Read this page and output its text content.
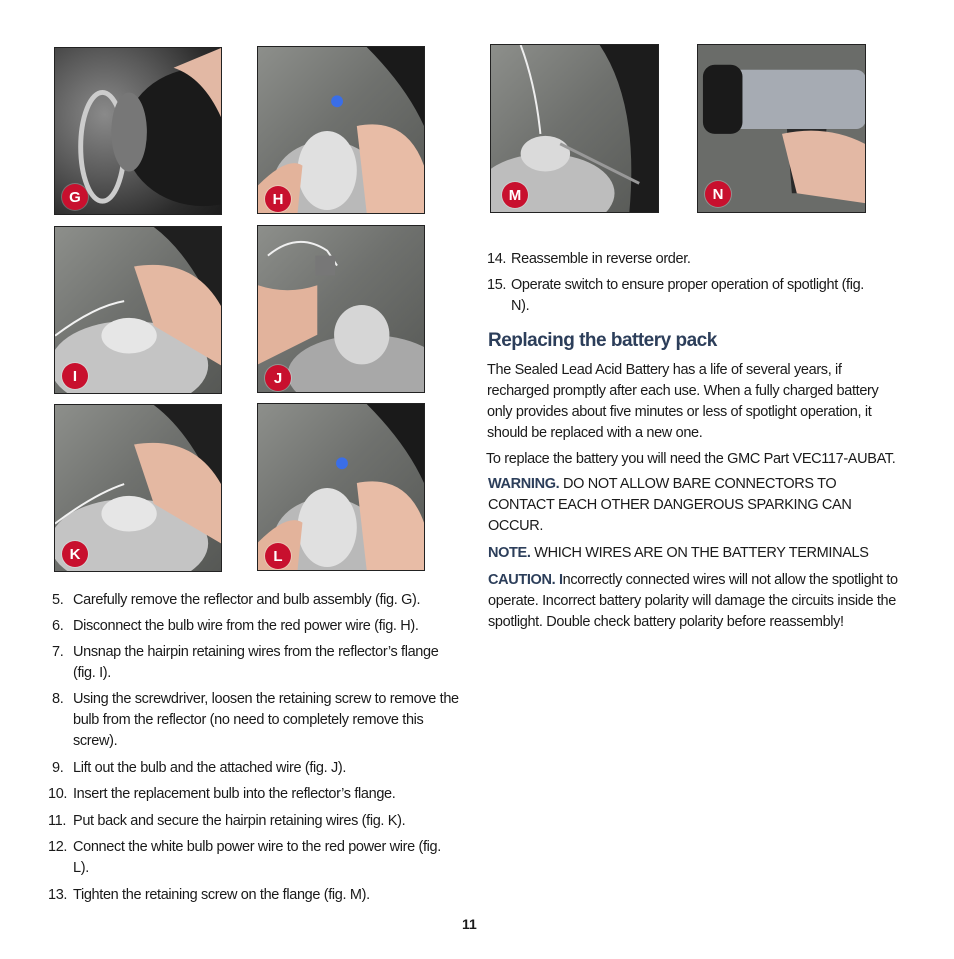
G	H
I	J
K	L
M	N
5. Carefully remove the reflector and bulb assembly (fig. G).
6. Disconnect the bulb wire from the red power wire (fig. H).
7. Unsnap the hairpin retaining wires from the reflector’s flange (fig. I).
8. Using the screwdriver, loosen the retaining screw to remove the bulb from the reflector (no need to completely remove this screw).
9. Lift out the bulb and the attached wire (fig. J).
10. Insert the replacement bulb into the reflector’s flange.
11. Put back and secure the hairpin retaining wires (fig. K).
12. Connect the white bulb power wire to the red power wire (fig. L).
13. Tighten the retaining screw on the flange (fig. M).
14. Reassemble in reverse order.
15. Operate switch to ensure proper operation of spotlight (fig. N).
Replacing the battery pack
The Sealed Lead Acid Battery has a life of several years, if recharged promptly after each use. When a fully charged battery only provides about five minutes or less of spotlight operation, it should be replaced with a new one.
To replace the battery you will need the GMC Part VEC117-AUBAT.
WARNING. DO NOT ALLOW BARE CONNECTORS TO CONTACT EACH OTHER DANGEROUS SPARKING CAN OCCUR.
NOTE. WHICH WIRES ARE ON THE BATTERY TERMINALS
CAUTION. Incorrectly connected wires will not allow the spotlight to operate. Incorrect battery polarity will damage the circuits inside the spotlight. Double check battery polarity before reassembly!
11
